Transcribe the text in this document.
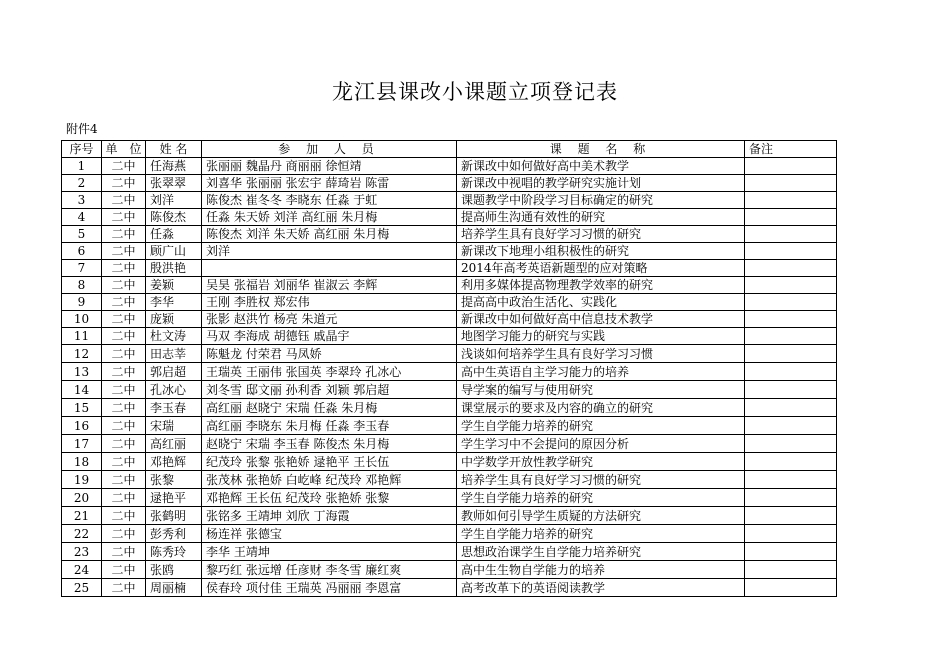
龙江县课改小课题立项登记表
附件4
序号	单　位	姓 名	参 加 人 员	课 题 名 称	备注
1	二中	任海燕	张丽丽 魏晶丹 商丽丽 徐恒靖	新课改中如何做好高中美术教学	
2	二中	张翠翠	刘喜华 张丽丽 张宏宇 薛琦岩 陈雷	新课改中视唱的教学研究实施计划	
3	二中	刘洋	陈俊杰 崔冬冬 李晓东 任淼 于虹	课题教学中阶段学习目标确定的研究	
4	二中	陈俊杰	任淼 朱天娇 刘洋 高红丽 朱月梅	提高师生沟通有效性的研究	
5	二中	任淼	陈俊杰 刘洋 朱天娇 高红丽 朱月梅	培养学生具有良好学习习惯的研究	
6	二中	顾广山	刘洋	新课改下地理小组积极性的研究	
7	二中	殷洪艳		2014年高考英语新题型的应对策略	
8	二中	姜颖	吴昊 张福岩 刘丽华 崔淑云 李辉	利用多媒体提高物理教学效率的研究	
9	二中	李华	王刚 李胜权 郑宏伟	提高高中政治生活化、实践化	
10	二中	庞颖	张影 赵洪竹 杨亮 朱道元	新课改中如何做好高中信息技术教学	
11	二中	杜文涛	马双 李海成 胡德钰 戚晶宇	地图学习能力的研究与实践	
12	二中	田志莘	陈魁龙 付荣君 马凤娇	浅谈如何培养学生具有良好学习习惯	
13	二中	郭启超	王瑞英 王丽伟 张国英 李翠玲 孔冰心	高中生英语自主学习能力的培养	
14	二中	孔冰心	刘冬雪 邸文丽 孙利香 刘颖 郭启超	导学案的编写与使用研究	
15	二中	李玉春	高红丽 赵晓宁 宋瑞 任淼 朱月梅	课堂展示的要求及内容的确立的研究	
16	二中	宋瑞	高红丽 李晓东 朱月梅 任淼 李玉春	学生自学能力培养的研究	
17	二中	高红丽	赵晓宁 宋瑞 李玉春 陈俊杰 朱月梅	学生学习中不会提问的原因分析	
18	二中	邓艳辉	纪茂玲 张黎 张艳娇 逯艳平 王长伍	中学数学开放性教学研究	
19	二中	张黎	张茂林 张艳娇 白屹峰 纪茂玲 邓艳辉	培养学生具有良好学习习惯的研究	
20	二中	逯艳平	邓艳辉 王长伍 纪茂玲 张艳娇 张黎	学生自学能力培养的研究	
21	二中	张鹤明	张铭多 王靖坤 刘欣 丁海霞	教师如何引导学生质疑的方法研究	
22	二中	彭秀利	杨连祥 张德宝	学生自学能力培养的研究	
23	二中	陈秀玲	李华 王靖坤	思想政治课学生自学能力培养研究	
24	二中	张鸥	黎巧红 张远增 任彦财 李冬雪 廉红爽	高中生生物自学能力的培养	
25	二中	周丽楠	侯春玲 项付佳 王瑞英 冯丽丽 李恩富	高考改革下的英语阅读教学	
